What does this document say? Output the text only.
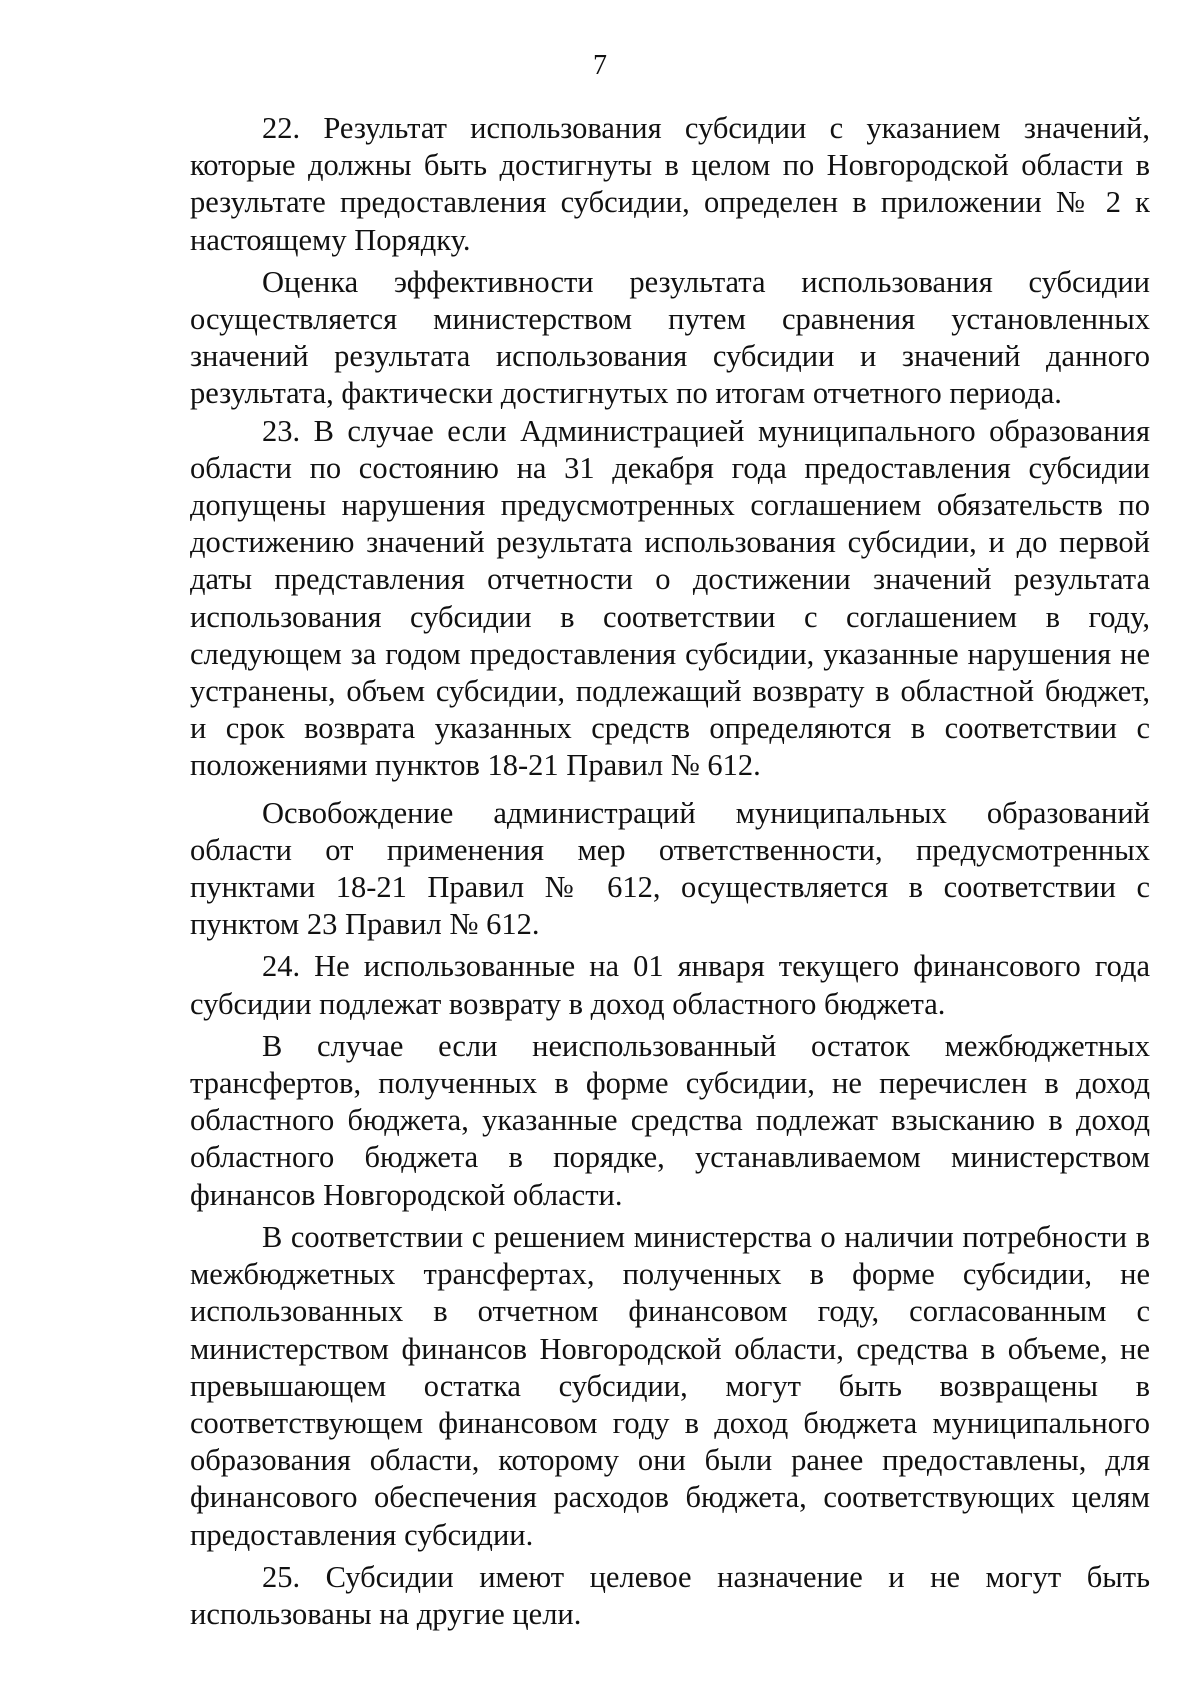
7

22. Результат использования субсидии с указанием значений, которые должны быть достигнуты в целом по Новгородской области в результате предоставления субсидии, определен в приложении № 2 к настоящему Порядку.

Оценка эффективности результата использования субсидии осуществляется министерством путем сравнения установленных значений результата использования субсидии и значений данного результата, фактически достигнутых по итогам отчетного периода.

23. В случае если Администрацией муниципального образования области по состоянию на 31 декабря года предоставления субсидии допущены нарушения предусмотренных соглашением обязательств по достижению значений результата использования субсидии, и до первой даты представления отчетности о достижении значений результата использования субсидии в соответствии с соглашением в году, следующем за годом предоставления субсидии, указанные нарушения не устранены, объем субсидии, подлежащий возврату в областной бюджет, и срок возврата указанных средств определяются в соответствии с положениями пунктов 18-21 Правил № 612.

Освобождение администраций муниципальных образований области от применения мер ответственности, предусмотренных пунктами 18-21 Правил № 612, осуществляется в соответствии с пунктом 23 Правил № 612.

24. Не использованные на 01 января текущего финансового года субсидии подлежат возврату в доход областного бюджета.

В случае если неиспользованный остаток межбюджетных трансфертов, полученных в форме субсидии, не перечислен в доход областного бюджета, указанные средства подлежат взысканию в доход областного бюджета в порядке, устанавливаемом министерством финансов Новгородской области.

В соответствии с решением министерства о наличии потребности в межбюджетных трансфертах, полученных в форме субсидии, не использованных в отчетном финансовом году, согласованным с министерством финансов Новгородской области, средства в объеме, не превышающем остатка субсидии, могут быть возвращены в соответствующем финансовом году в доход бюджета муниципального образования области, которому они были ранее предоставлены, для финансового обеспечения расходов бюджета, соответствующих целям предоставления субсидии.

25. Субсидии имеют целевое назначение и не могут быть использованы на другие цели.
